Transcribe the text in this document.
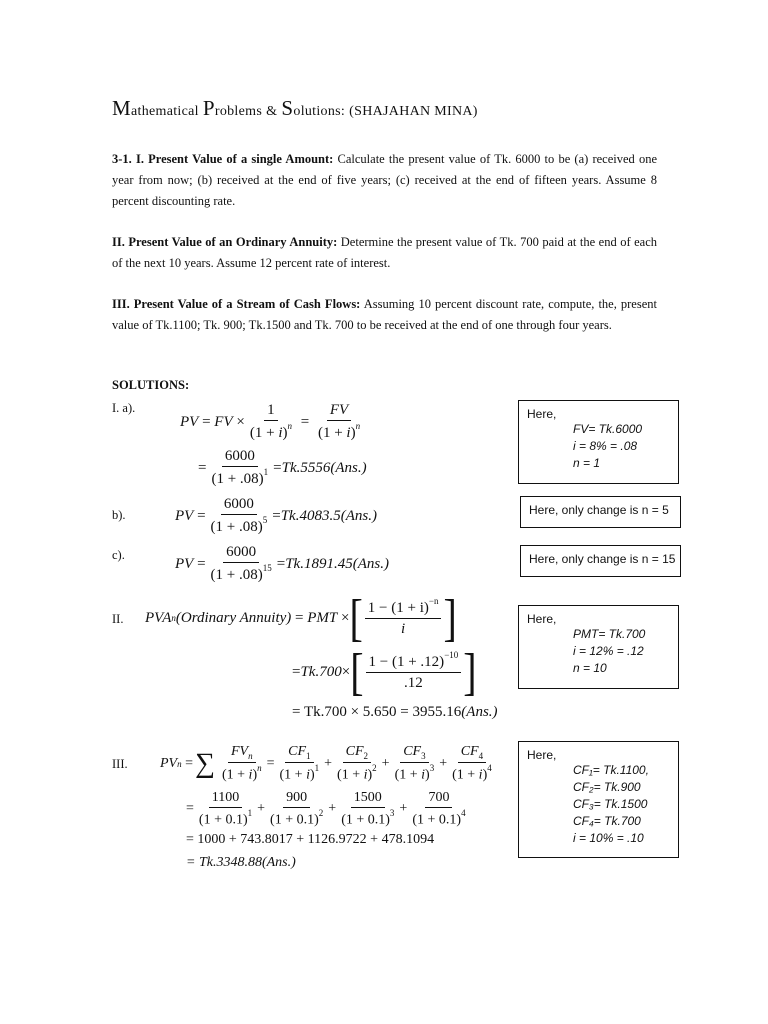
Mathematical Problems & Solutions: (SHAJAHAN MINA)
3-1. I. Present Value of a single Amount: Calculate the present value of Tk. 6000 to be (a) received one year from now; (b) received at the end of five years; (c) received at the end of fifteen years. Assume 8 percent discounting rate.
II. Present Value of an Ordinary Annuity: Determine the present value of Tk. 700 paid at the end of each of the next 10 years. Assume 12 percent rate of interest.
III. Present Value of a Stream of Cash Flows: Assuming 10 percent discount rate, compute, the, present value of Tk.1100; Tk. 900; Tk.1500 and Tk. 700 to be received at the end of one through four years.
SOLUTIONS:
I. a).
PV = FV × $\frac{1}{(1 + i)^n} = \frac{FV}{(1 + i)^n}$
= $\frac{6000}{(1 + .08)^1} = Tk.5556$ (Ans.)
b).	PV = $\frac{6000}{(1 + .08)^5} = Tk.4083.5$ (Ans.)
c).
PV = $\frac{6000}{(1 + .08)^{15}} = Tk.1891.45$ (Ans.)
II. PVA n (Ordinary Annuity) = PMT × [ $\frac{1 - (1 + i)^{-n}}{i}$ ]
= Tk.700 × [ $\frac{1 - (1 + .12)^{-10}}{.12}$ ]
= Tk.700 × 5.650 = 3955.16 (Ans.)
III. PV n = ∑ $\frac{FV_n}{(1 + i)^n} = \frac{CF_1}{(1 + i)^1} + \frac{CF_2}{(1 + i)^2} + \frac{CF_3}{(1 + i)^3} + \frac{CF_4}{(1 + i)^4}$
= $\frac{1100}{(1 + 0.1)^1} + \frac{900}{(1 + 0.1)^2} + \frac{1500}{(1 + 0.1)^3} + \frac{700}{(1 + 0.1)^4}$
= 1000 + 743.8017 + 1126.9722 + 478.1094
= Tk.3348.88 (Ans.)
Here,
FV= Tk.6000
i = 8% = .08
n = 1
Here, only change is n = 5
Here, only change is n = 15
Here,
PMT= Tk.700
i = 12% = .12
n = 10
Here,
CF₁= Tk.1100,
CF₂= Tk.900
CF₃= Tk.1500
CF₄= Tk.700
i = 10% = .10
